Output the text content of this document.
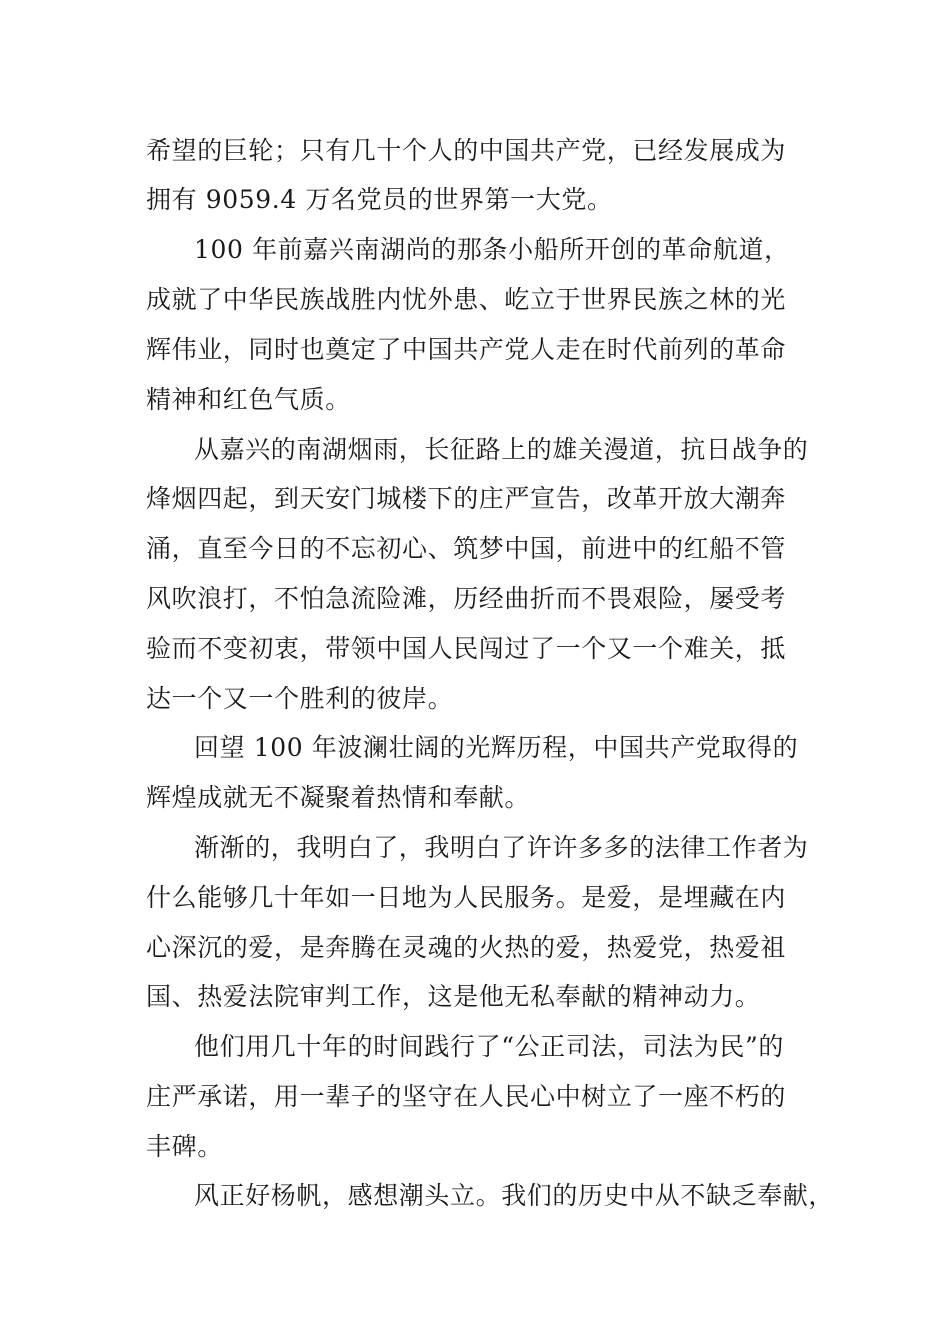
希望的巨轮；只有几十个人的中国共产党，已经发展成为
拥有 9059.4 万名党员的世界第一大党。
100 年前嘉兴南湖尚的那条小船所开创的革命航道，
成就了中华民族战胜内忧外患、屹立于世界民族之林的光
辉伟业，同时也奠定了中国共产党人走在时代前列的革命
精神和红色气质。
从嘉兴的南湖烟雨，长征路上的雄关漫道，抗日战争的
烽烟四起，到天安门城楼下的庄严宣告，改革开放大潮奔
涌，直至今日的不忘初心、筑梦中国，前进中的红船不管
风吹浪打，不怕急流险滩，历经曲折而不畏艰险，屡受考
验而不变初衷，带领中国人民闯过了一个又一个难关，抵
达一个又一个胜利的彼岸。
回望 100 年波澜壮阔的光辉历程，中国共产党取得的
辉煌成就无不凝聚着热情和奉献。
渐渐的，我明白了，我明白了许许多多的法律工作者为
什么能够几十年如一日地为人民服务。是爱，是埋藏在内
心深沉的爱，是奔腾在灵魂的火热的爱，热爱党，热爱祖
国、热爱法院审判工作，这是他无私奉献的精神动力。
他们用几十年的时间践行了“公正司法，司法为民”的
庄严承诺，用一辈子的坚守在人民心中树立了一座不朽的
丰碑。
风正好杨帆，感想潮头立。我们的历史中从不缺乏奉献，
